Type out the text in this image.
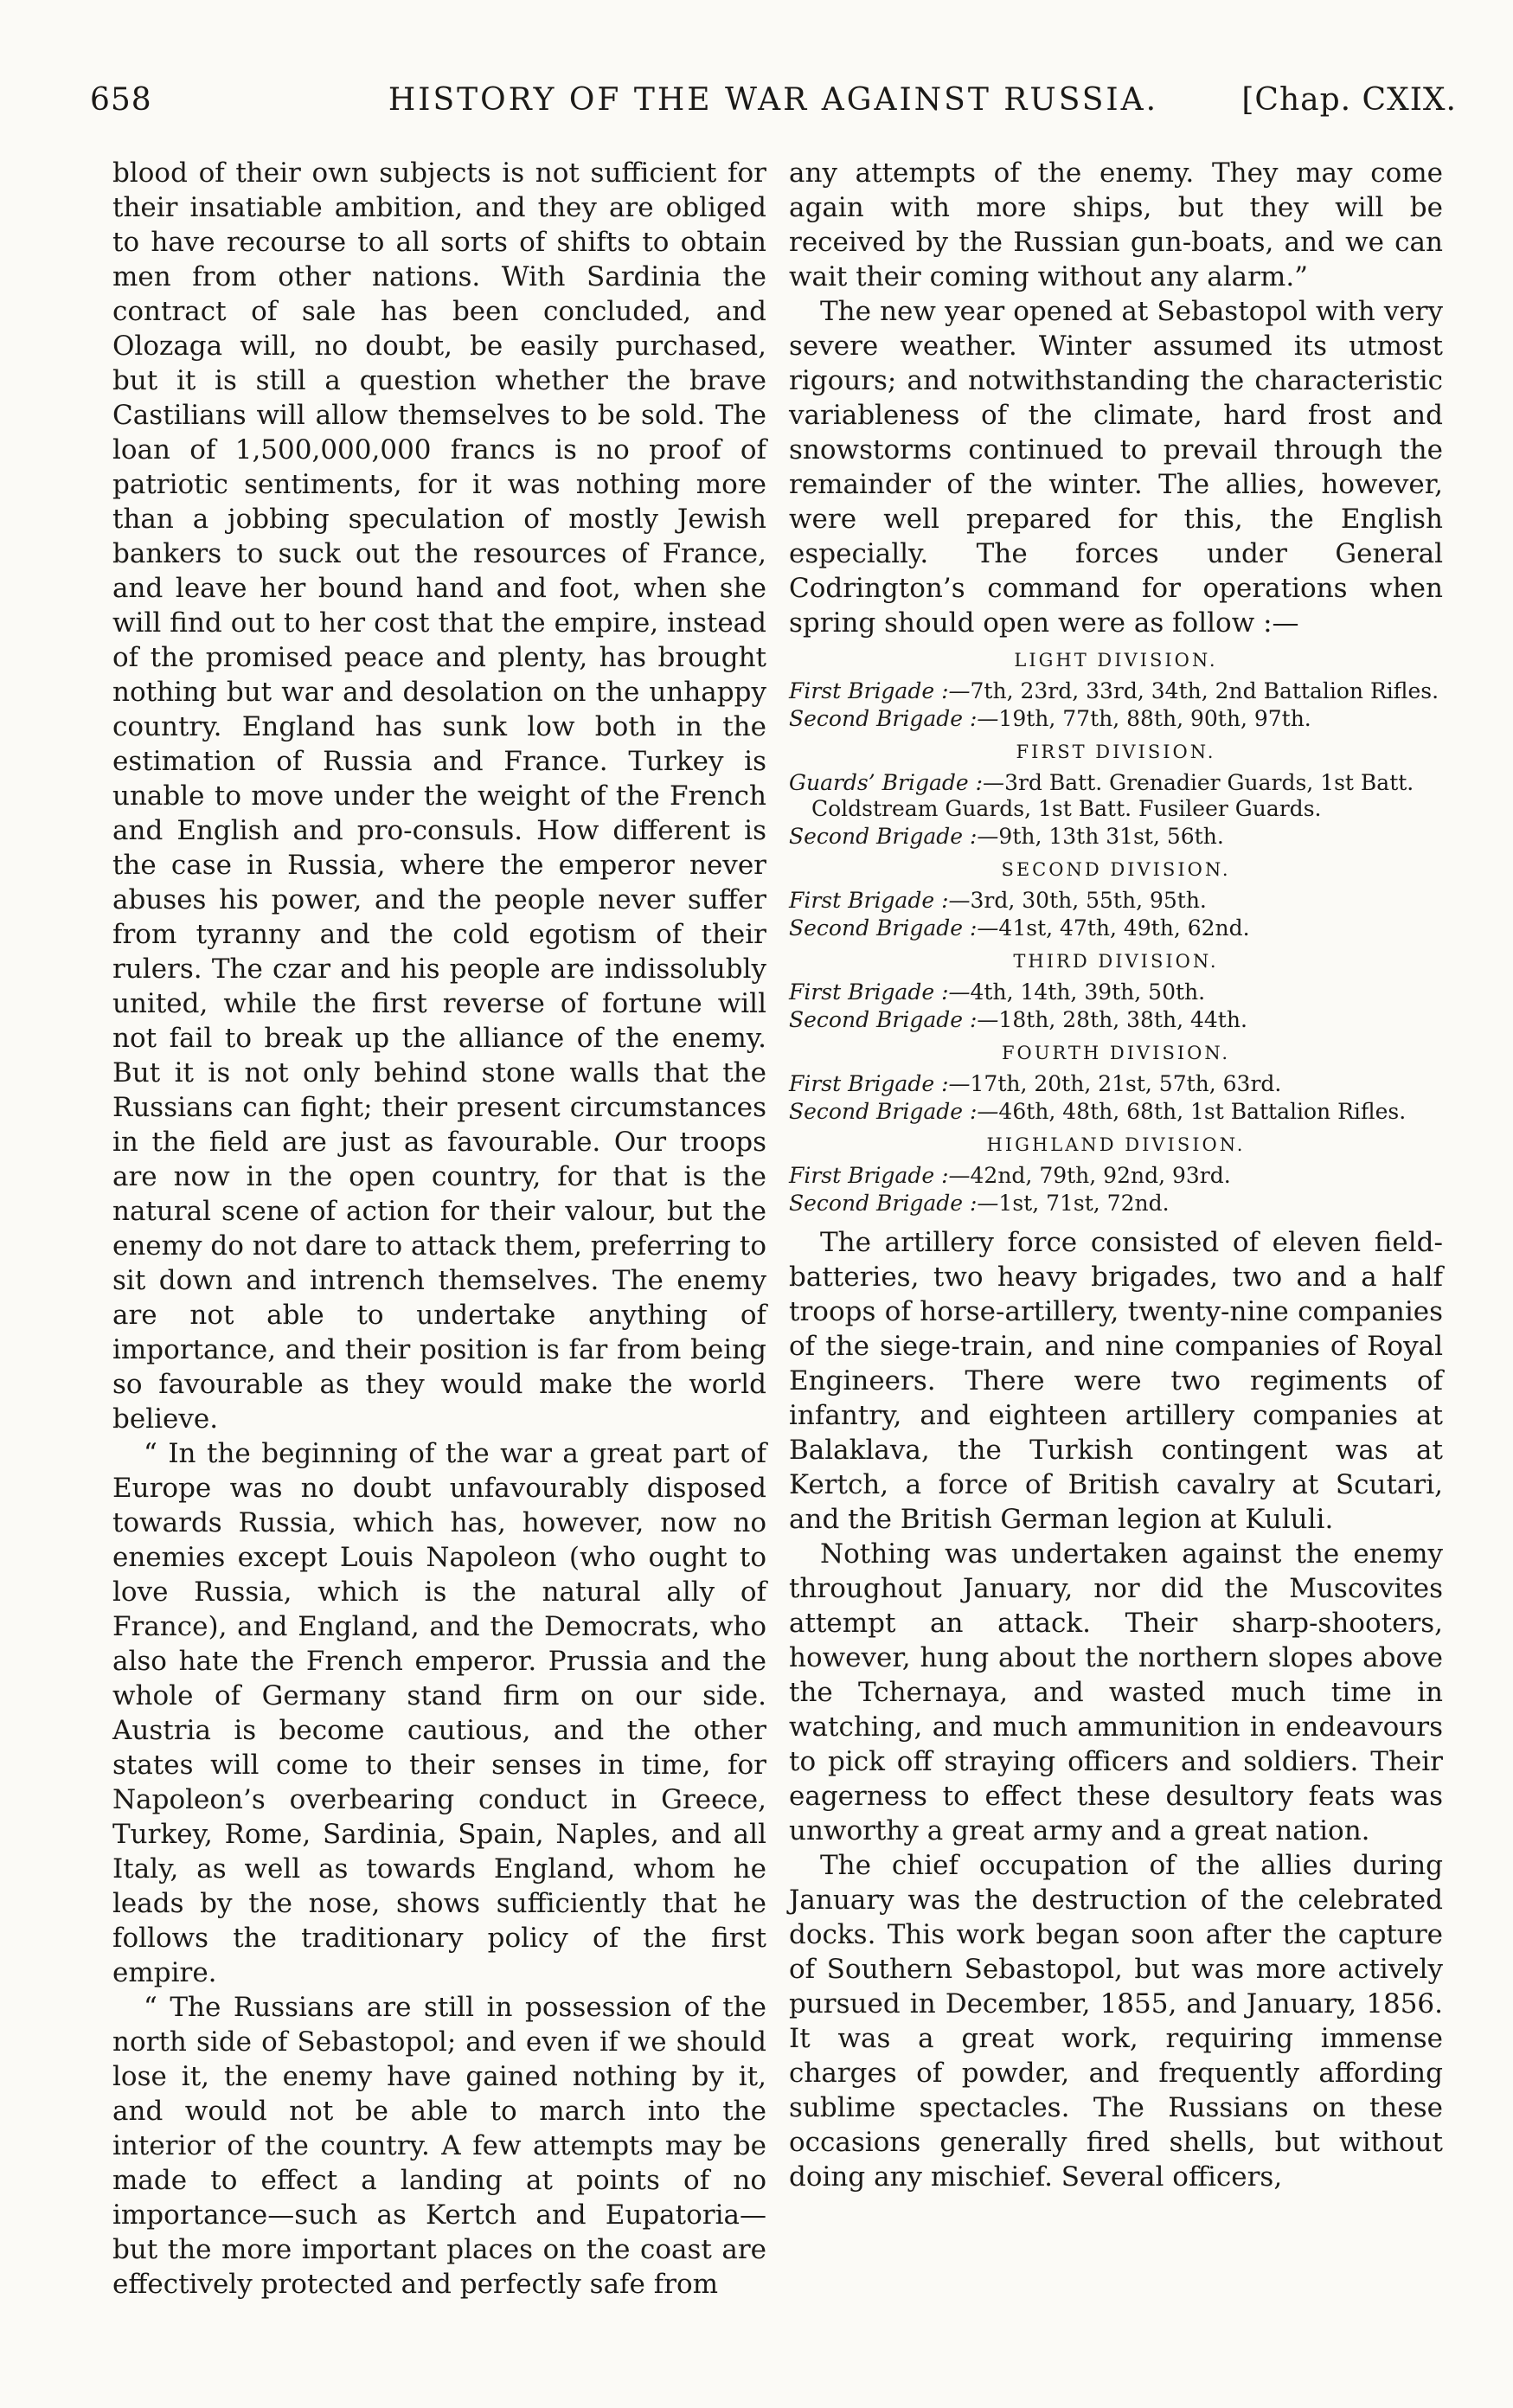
658	HISTORY OF THE WAR AGAINST RUSSIA.	[Chap. CXIX.

blood of their own subjects is not sufficient for their insatiable ambition, and they are obliged to have recourse to all sorts of shifts to obtain men from other nations. With Sardinia the contract of sale has been concluded, and Olozaga will, no doubt, be easily purchased, but it is still a question whether the brave Castilians will allow themselves to be sold. The loan of 1,500,000,000 francs is no proof of patriotic sentiments, for it was nothing more than a jobbing speculation of mostly Jewish bankers to suck out the resources of France, and leave her bound hand and foot, when she will find out to her cost that the empire, instead of the promised peace and plenty, has brought nothing but war and desolation on the unhappy country. England has sunk low both in the estimation of Russia and France. Turkey is unable to move under the weight of the French and English and pro-consuls. How different is the case in Russia, where the emperor never abuses his power, and the people never suffer from tyranny and the cold egotism of their rulers. The czar and his people are indissolubly united, while the first reverse of fortune will not fail to break up the alliance of the enemy. But it is not only behind stone walls that the Russians can fight; their present circumstances in the field are just as favourable. Our troops are now in the open country, for that is the natural scene of action for their valour, but the enemy do not dare to attack them, preferring to sit down and intrench themselves. The enemy are not able to undertake anything of importance, and their position is far from being so favourable as they would make the world believe.

“ In the beginning of the war a great part of Europe was no doubt unfavourably disposed towards Russia, which has, however, now no enemies except Louis Napoleon (who ought to love Russia, which is the natural ally of France), and England, and the Democrats, who also hate the French emperor. Prussia and the whole of Germany stand firm on our side. Austria is become cautious, and the other states will come to their senses in time, for Napoleon’s overbearing conduct in Greece, Turkey, Rome, Sardinia, Spain, Naples, and all Italy, as well as towards England, whom he leads by the nose, shows sufficiently that he follows the traditionary policy of the first empire.

“ The Russians are still in possession of the north side of Sebastopol; and even if we should lose it, the enemy have gained nothing by it, and would not be able to march into the interior of the country. A few attempts may be made to effect a landing at points of no importance—such as Kertch and Eupatoria—but the more important places on the coast are effectively protected and perfectly safe from

any attempts of the enemy. They may come again with more ships, but they will be received by the Russian gun-boats, and we can wait their coming without any alarm.”

The new year opened at Sebastopol with very severe weather. Winter assumed its utmost rigours; and notwithstanding the characteristic variableness of the climate, hard frost and snowstorms continued to prevail through the remainder of the winter. The allies, however, were well prepared for this, the English especially. The forces under General Codrington’s command for operations when spring should open were as follow :—

LIGHT DIVISION.
First Brigade :—7th, 23rd, 33rd, 34th, 2nd Battalion Rifles.
Second Brigade :—19th, 77th, 88th, 90th, 97th.
FIRST DIVISION.
Guards’ Brigade :—3rd Batt. Grenadier Guards, 1st Batt. Coldstream Guards, 1st Batt. Fusileer Guards.
Second Brigade :—9th, 13th 31st, 56th.
SECOND DIVISION.
First Brigade :—3rd, 30th, 55th, 95th.
Second Brigade :—41st, 47th, 49th, 62nd.
THIRD DIVISION.
First Brigade :—4th, 14th, 39th, 50th.
Second Brigade :—18th, 28th, 38th, 44th.
FOURTH DIVISION.
First Brigade :—17th, 20th, 21st, 57th, 63rd.
Second Brigade :—46th, 48th, 68th, 1st Battalion Rifles.
HIGHLAND DIVISION.
First Brigade :—42nd, 79th, 92nd, 93rd.
Second Brigade :—1st, 71st, 72nd.

The artillery force consisted of eleven field-batteries, two heavy brigades, two and a half troops of horse-artillery, twenty-nine companies of the siege-train, and nine companies of Royal Engineers. There were two regiments of infantry, and eighteen artillery companies at Balaklava, the Turkish contingent was at Kertch, a force of British cavalry at Scutari, and the British German legion at Kululi.

Nothing was undertaken against the enemy throughout January, nor did the Muscovites attempt an attack. Their sharp-shooters, however, hung about the northern slopes above the Tchernaya, and wasted much time in watching, and much ammunition in endeavours to pick off straying officers and soldiers. Their eagerness to effect these desultory feats was unworthy a great army and a great nation.

The chief occupation of the allies during January was the destruction of the celebrated docks. This work began soon after the capture of Southern Sebastopol, but was more actively pursued in December, 1855, and January, 1856. It was a great work, requiring immense charges of powder, and frequently affording sublime spectacles. The Russians on these occasions generally fired shells, but without doing any mischief. Several officers,
